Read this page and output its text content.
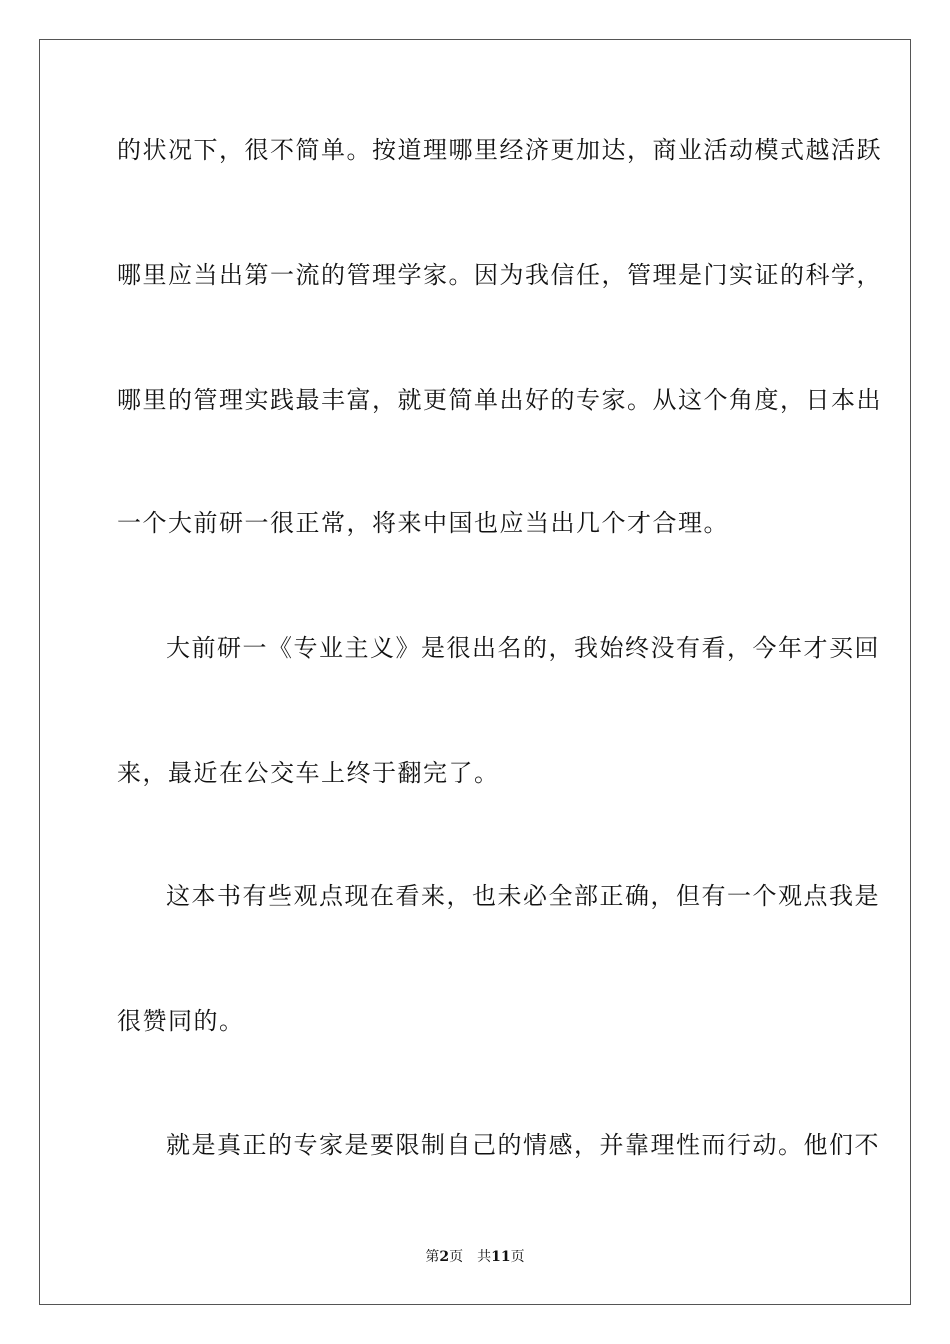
的状况下，很不简单。按道理哪里经济更加达，商业活动模式越活跃
哪里应当出第一流的管理学家。因为我信任，管理是门实证的科学，
哪里的管理实践最丰富，就更简单出好的专家。从这个角度，日本出
一个大前研一很正常，将来中国也应当出几个才合理。
大前研一《专业主义》是很出名的，我始终没有看，今年才买回
来，最近在公交车上终于翻完了。
这本书有些观点现在看来，也未必全部正确，但有一个观点我是
很赞同的。
就是真正的专家是要限制自己的情感，并靠理性而行动。他们不
第2页 共11页
